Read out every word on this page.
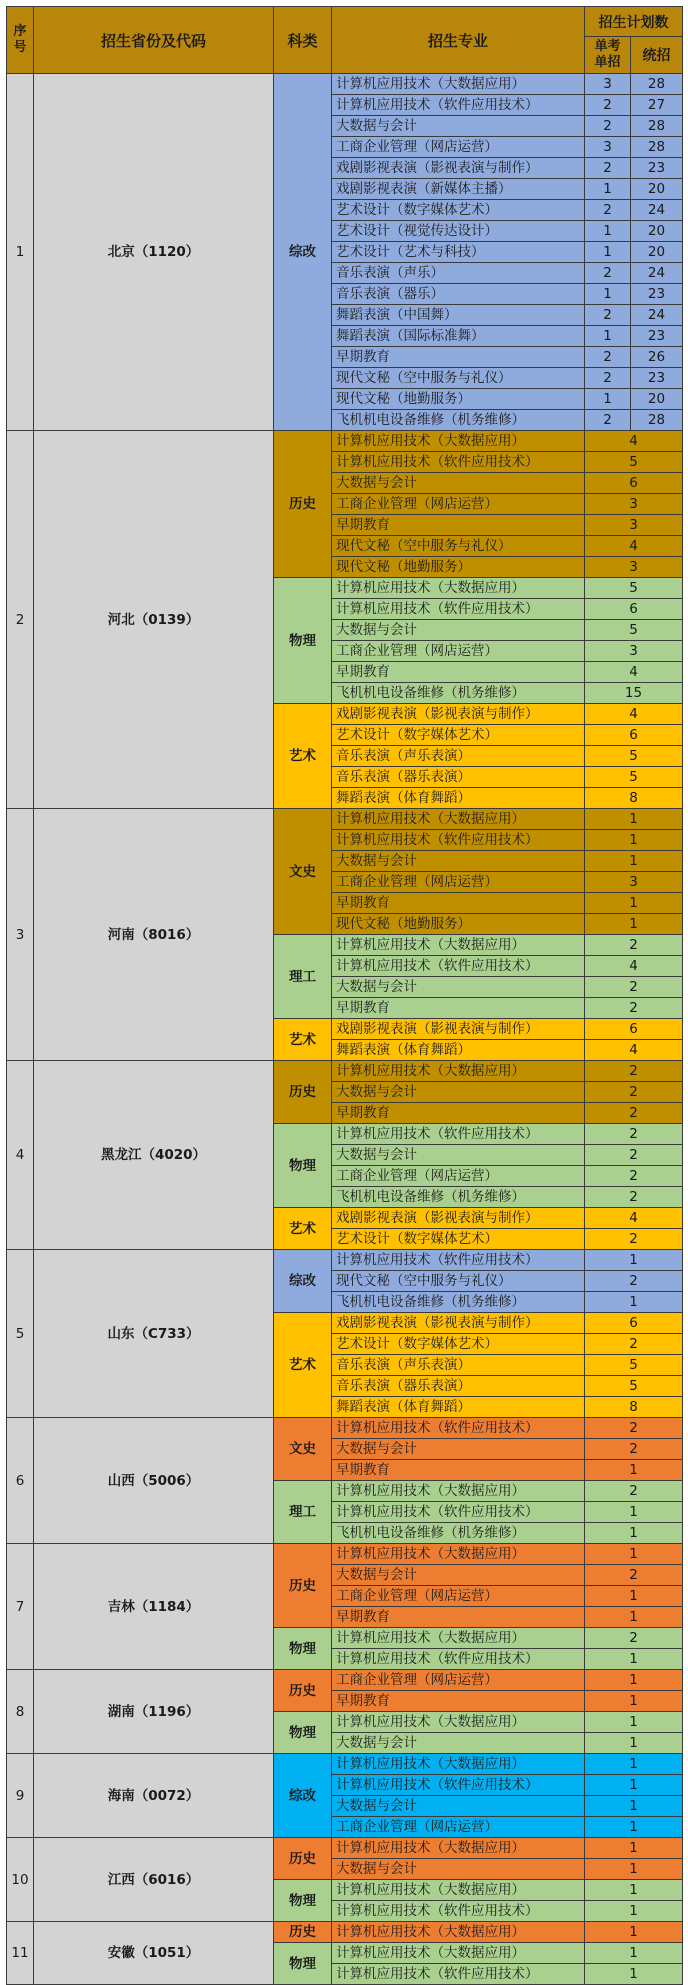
序号	招生省份及代码	科类	招生专业	招生计划数	
				单考单招	统招
1	北京（1120）	综改	计算机应用技术（大数据应用）	3	28
			计算机应用技术（软件应用技术）	2	27
			大数据与会计	2	28
			工商企业管理（网店运营）	3	28
			戏剧影视表演（影视表演与制作）	2	23
			戏剧影视表演（新媒体主播）	1	20
			艺术设计（数字媒体艺术）	2	24
			艺术设计（视觉传达设计）	1	20
			艺术设计（艺术与科技）	1	20
			音乐表演（声乐）	2	24
			音乐表演（器乐）	1	23
			舞蹈表演（中国舞）	2	24
			舞蹈表演（国际标准舞）	1	23
			早期教育	2	26
			现代文秘（空中服务与礼仪）	2	23
			现代文秘（地勤服务）	1	20
			飞机机电设备维修（机务维修）	2	28
2	河北（0139）	历史	计算机应用技术（大数据应用）	4	
			计算机应用技术（软件应用技术）	5	
			大数据与会计	6	
			工商企业管理（网店运营）	3	
			早期教育	3	
			现代文秘（空中服务与礼仪）	4	
			现代文秘（地勤服务）	3	
		物理	计算机应用技术（大数据应用）	5	
			计算机应用技术（软件应用技术）	6	
			大数据与会计	5	
			工商企业管理（网店运营）	3	
			早期教育	4	
			飞机机电设备维修（机务维修）	15	
		艺术	戏剧影视表演（影视表演与制作）	4	
			艺术设计（数字媒体艺术）	6	
			音乐表演（声乐表演）	5	
			音乐表演（器乐表演）	5	
			舞蹈表演（体育舞蹈）	8	
3	河南（8016）	文史	计算机应用技术（大数据应用）	1	
			计算机应用技术（软件应用技术）	1	
			大数据与会计	1	
			工商企业管理（网店运营）	3	
			早期教育	1	
			现代文秘（地勤服务）	1	
		理工	计算机应用技术（大数据应用）	2	
			计算机应用技术（软件应用技术）	4	
			大数据与会计	2	
			早期教育	2	
		艺术	戏剧影视表演（影视表演与制作）	6	
			舞蹈表演（体育舞蹈）	4	
4	黑龙江（4020）	历史	计算机应用技术（大数据应用）	2	
			大数据与会计	2	
			早期教育	2	
		物理	计算机应用技术（软件应用技术）	2	
			大数据与会计	2	
			工商企业管理（网店运营）	2	
			飞机机电设备维修（机务维修）	2	
		艺术	戏剧影视表演（影视表演与制作）	4	
			艺术设计（数字媒体艺术）	2	
5	山东（C733）	综改	计算机应用技术（软件应用技术）	1	
			现代文秘（空中服务与礼仪）	2	
			飞机机电设备维修（机务维修）	1	
		艺术	戏剧影视表演（影视表演与制作）	6	
			艺术设计（数字媒体艺术）	2	
			音乐表演（声乐表演）	5	
			音乐表演（器乐表演）	5	
			舞蹈表演（体育舞蹈）	8	
6	山西（5006）	文史	计算机应用技术（软件应用技术）	2	
			大数据与会计	2	
			早期教育	1	
		理工	计算机应用技术（大数据应用）	2	
			计算机应用技术（软件应用技术）	1	
			飞机机电设备维修（机务维修）	1	
7	吉林（1184）	历史	计算机应用技术（大数据应用）	1	
			大数据与会计	2	
			工商企业管理（网店运营）	1	
			早期教育	1	
		物理	计算机应用技术（大数据应用）	2	
			计算机应用技术（软件应用技术）	1	
8	湖南（1196）	历史	工商企业管理（网店运营）	1	
			早期教育	1	
		物理	计算机应用技术（大数据应用）	1	
			大数据与会计	1	
9	海南（0072）	综改	计算机应用技术（大数据应用）	1	
			计算机应用技术（软件应用技术）	1	
			大数据与会计	1	
			工商企业管理（网店运营）	1	
10	江西（6016）	历史	计算机应用技术（大数据应用）	1	
			大数据与会计	1	
		物理	计算机应用技术（大数据应用）	1	
			计算机应用技术（软件应用技术）	1	
11	安徽（1051）	历史	计算机应用技术（大数据应用）	1	
		物理	计算机应用技术（大数据应用）	1	
			计算机应用技术（软件应用技术）	1	
